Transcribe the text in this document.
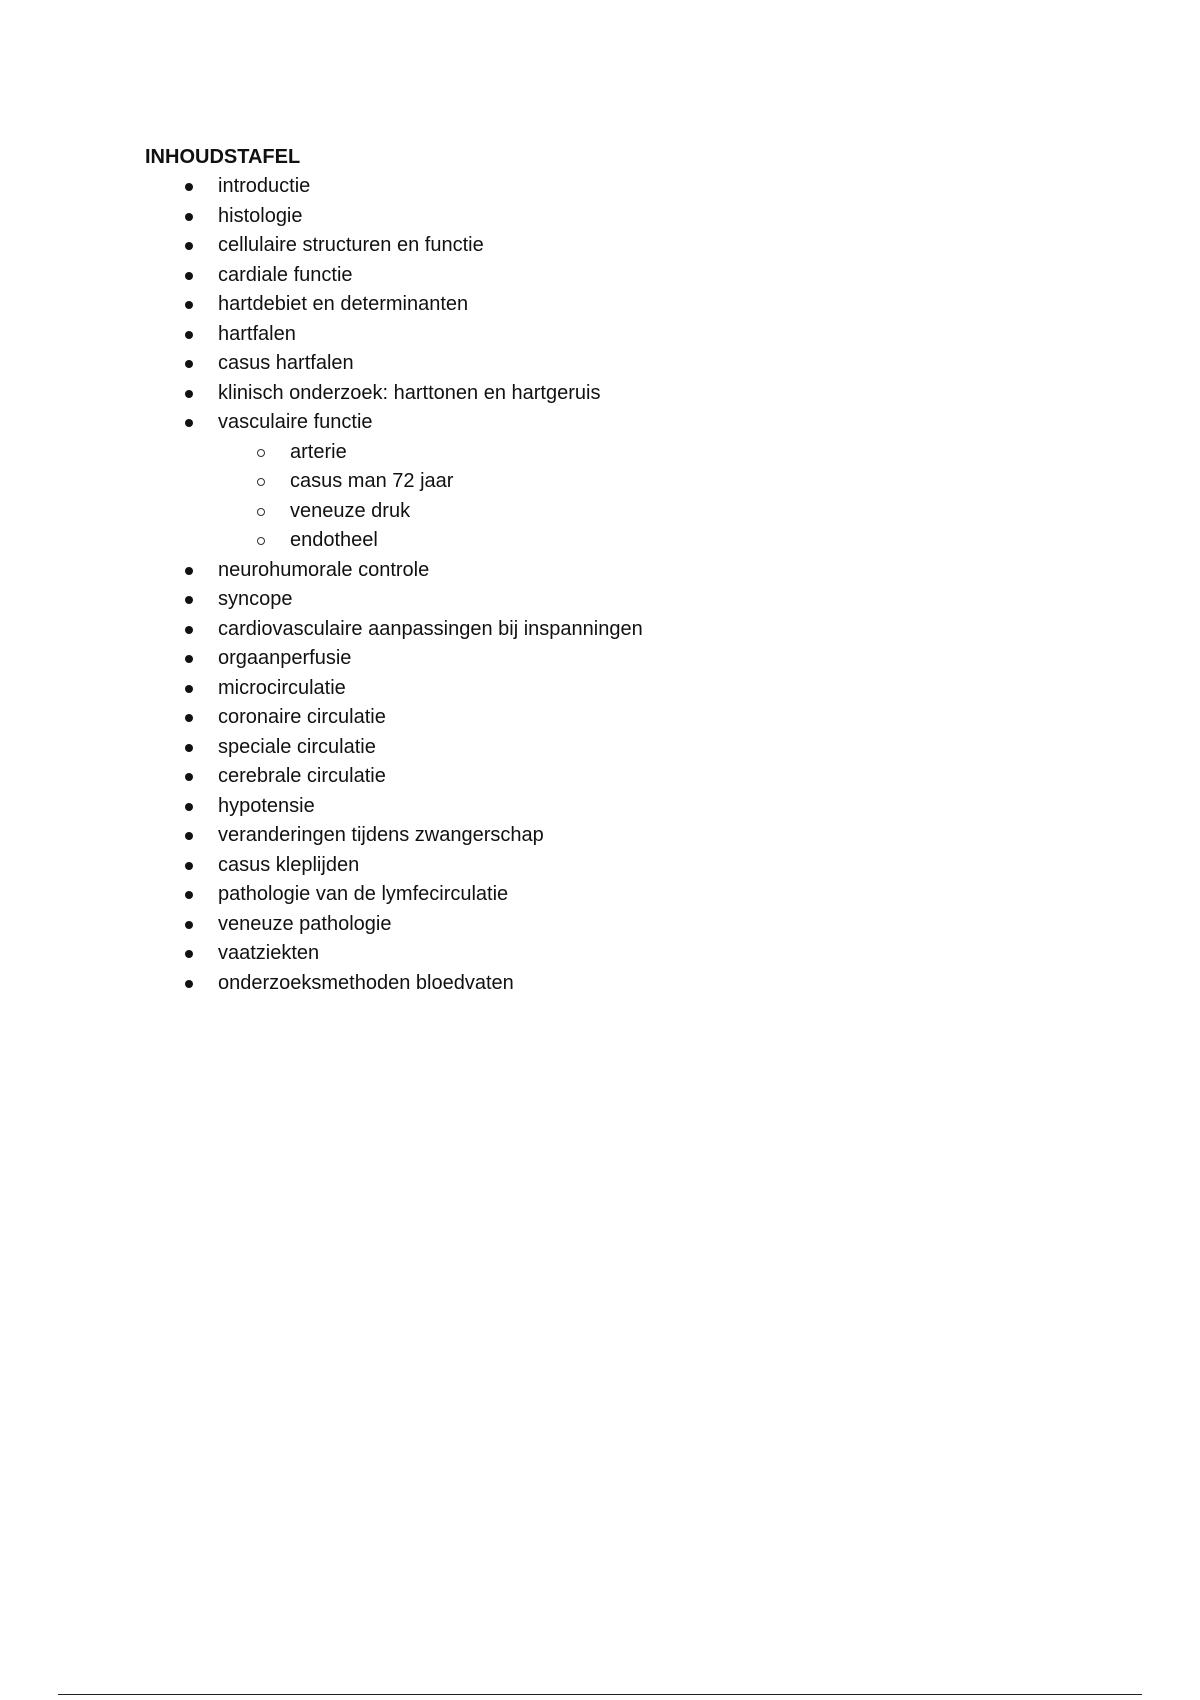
INHOUDSTAFEL
introductie
histologie
cellulaire structuren en functie
cardiale functie
hartdebiet en determinanten
hartfalen
casus hartfalen
klinisch onderzoek: harttonen en hartgeruis
vasculaire functie
arterie
casus man 72 jaar
veneuze druk
endotheel
neurohumorale controle
syncope
cardiovasculaire aanpassingen bij inspanningen
orgaanperfusie
microcirculatie
coronaire circulatie
speciale circulatie
cerebrale circulatie
hypotensie
veranderingen tijdens zwangerschap
casus kleplijden
pathologie van de lymfecirculatie
veneuze pathologie
vaatziekten
onderzoeksmethoden bloedvaten
